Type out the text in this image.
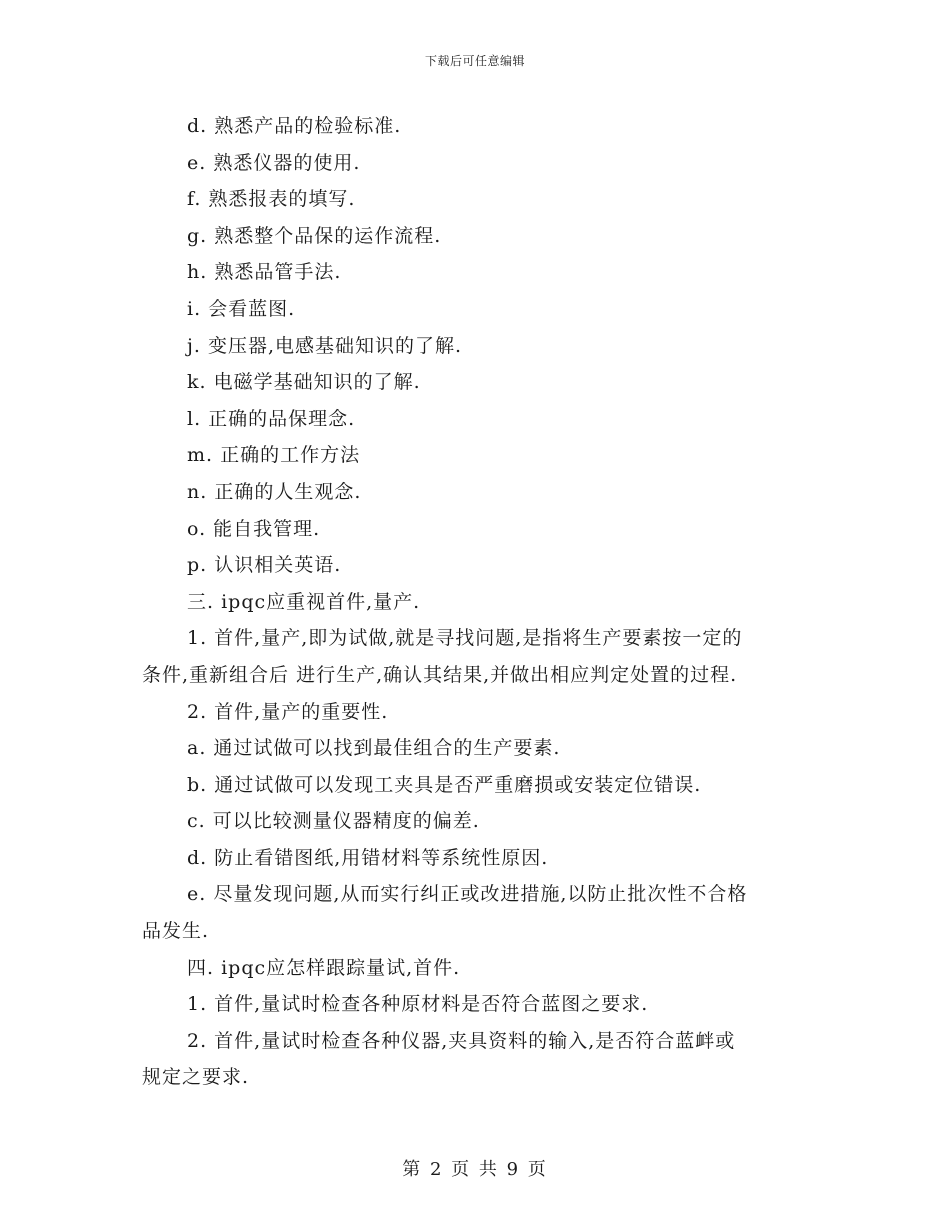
下载后可任意编辑
d. 熟悉产品的检验标准.
e. 熟悉仪器的使用.
f. 熟悉报表的填写.
g. 熟悉整个品保的运作流程.
h. 熟悉品管手法.
i. 会看蓝图.
j. 变压器,电感基础知识的了解.
k. 电磁学基础知识的了解.
l. 正确的品保理念.
m. 正确的工作方法
n. 正确的人生观念.
o. 能自我管理.
p. 认识相关英语.
三. ipqc应重视首件,量产.
1. 首件,量产,即为试做,就是寻找问题,是指将生产要素按一定的
条件,重新组合后 进行生产,确认其结果,并做出相应判定处置的过程.
2. 首件,量产的重要性.
a. 通过试做可以找到最佳组合的生产要素.
b. 通过试做可以发现工夹具是否严重磨损或安装定位错误.
c. 可以比较测量仪器精度的偏差.
d. 防止看错图纸,用错材料等系统性原因.
e. 尽量发现问题,从而实行纠正或改进措施,以防止批次性不合格
品发生.
四. ipqc应怎样跟踪量试,首件.
1. 首件,量试时检查各种原材料是否符合蓝图之要求.
2. 首件,量试时检查各种仪器,夹具资料的输入,是否符合蓝衅或
规定之要求.
第 2 页 共 9 页
